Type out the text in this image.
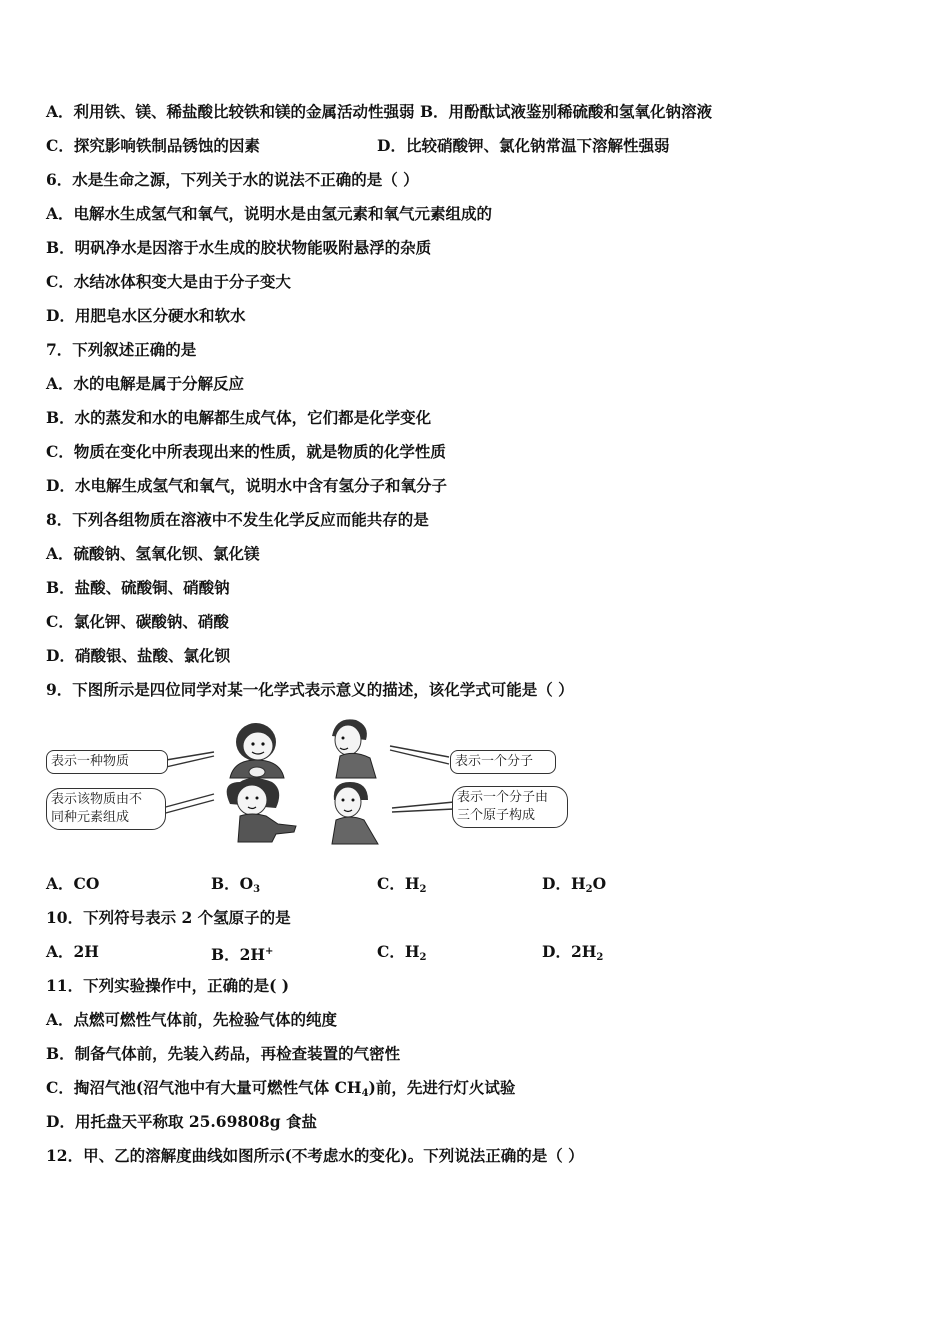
A．利用铁、镁、稀盐酸比较铁和镁的金属活动性强弱 B．用酚酞试液鉴别稀硫酸和氢氧化钠溶液
C．探究影响铁制品锈蚀的因素	D．比较硝酸钾、氯化钠常温下溶解性强弱
6．水是生命之源，下列关于水的说法不正确的是（ ）
A．电解水生成氢气和氧气，说明水是由氢元素和氧气元素组成的
B．明矾净水是因溶于水生成的胶状物能吸附悬浮的杂质
C．水结冰体积变大是由于分子变大
D．用肥皂水区分硬水和软水
7．下列叙述正确的是
A．水的电解是属于分解反应
B．水的蒸发和水的电解都生成气体，它们都是化学变化
C．物质在变化中所表现出来的性质，就是物质的化学性质
D．水电解生成氢气和氧气，说明水中含有氢分子和氧分子
8．下列各组物质在溶液中不发生化学反应而能共存的是
A．硫酸钠、氢氧化钡、氯化镁
B．盐酸、硫酸铜、硝酸钠
C．氯化钾、碳酸钠、硝酸
D．硝酸银、盐酸、氯化钡
9．下图所示是四位同学对某一化学式表示意义的描述，该化学式可能是（ ）
表示一种物质	表示一个分子
表示该物质由不
同种元素组成
表示一个分子由
三个原子构成
A．CO	B．$O_3$	C．$H_2$	D．$H_2O$
10．下列符号表示 2 个氢原子的是
A．2H	B．2H+	C．$H_2$	D．$2H_2$
11．下列实验操作中，正确的是( )
A．点燃可燃性气体前，先检验气体的纯度
B．制备气体前，先装入药品，再检查装置的气密性
C．掏沼气池(沼气池中有大量可燃性气体 $CH_4$)前，先进行灯火试验
D．用托盘天平称取 25.69808g 食盐
12．甲、乙的溶解度曲线如图所示(不考虑水的变化)。下列说法正确的是（ ）
